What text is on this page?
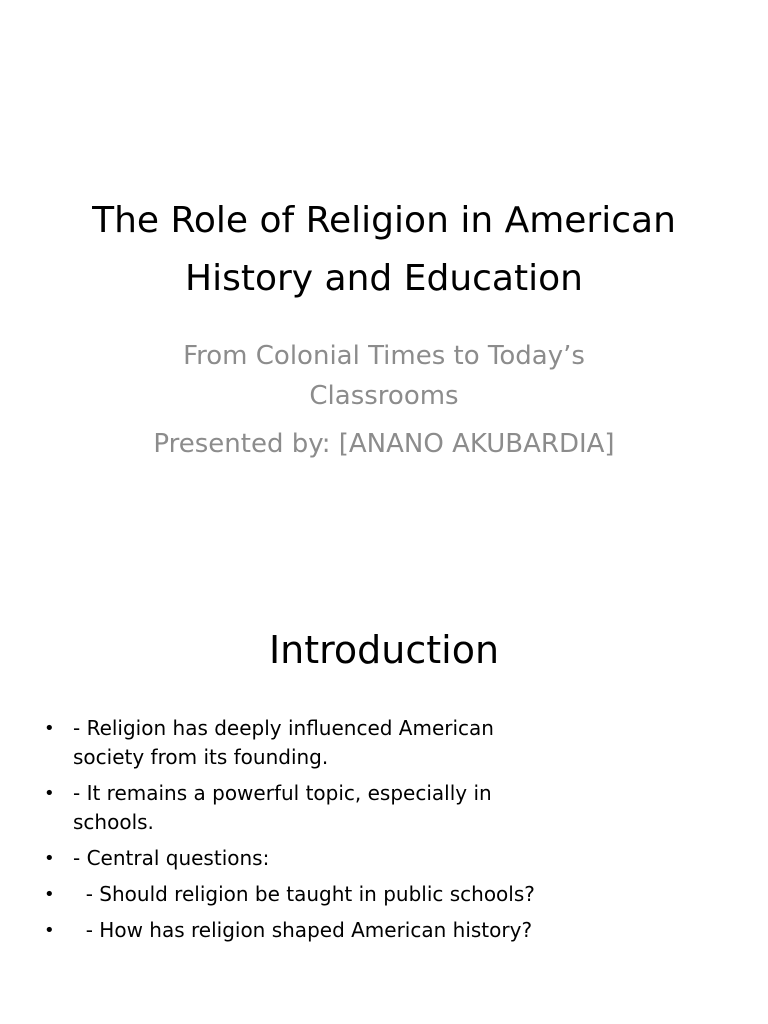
The Role of Religion in American
History and Education
From Colonial Times to Today’s
Classrooms
Presented by: [ANANO AKUBARDIA]
Introduction
• - Religion has deeply influenced American
society from its founding.
• - It remains a powerful topic, especially in
schools.
• - Central questions:
• - Should religion be taught in public schools?
• - How has religion shaped American history?
